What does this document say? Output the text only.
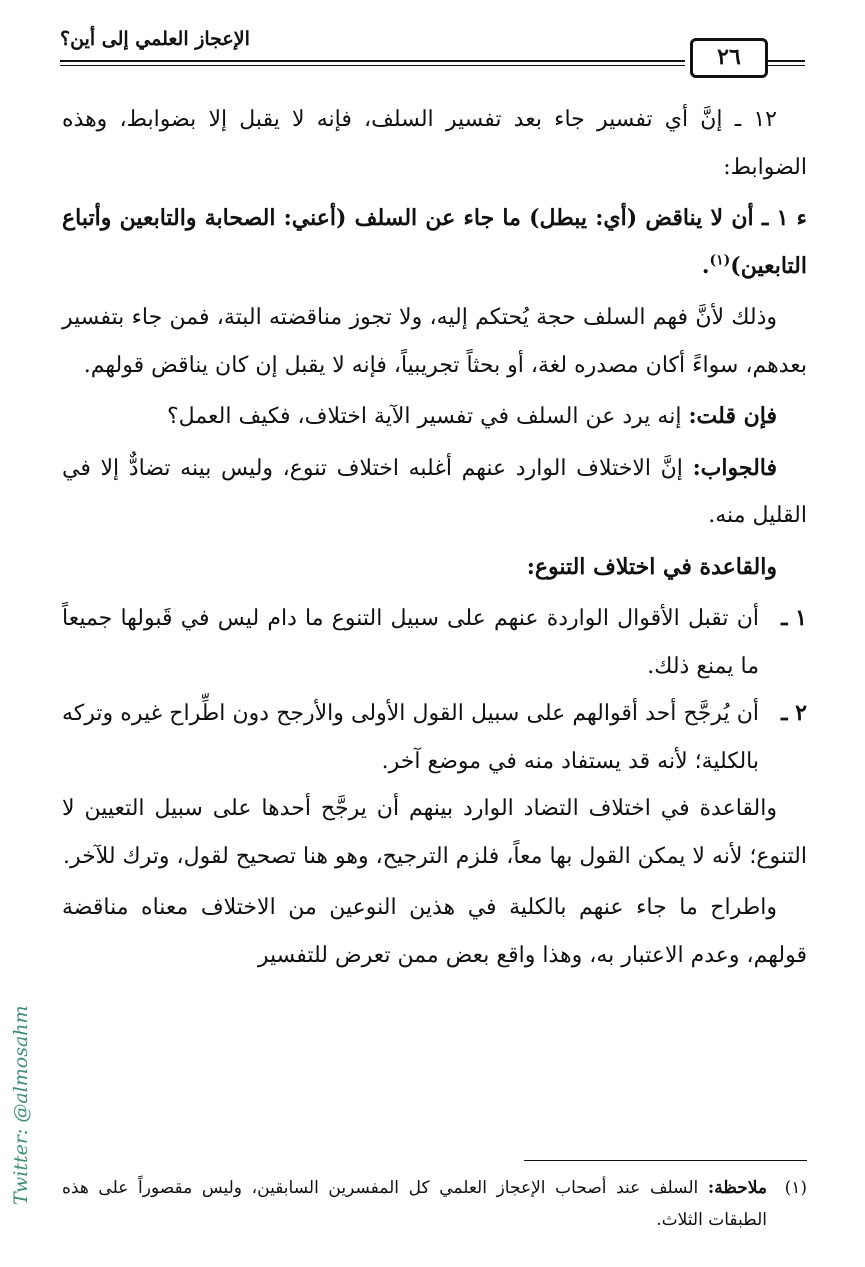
الإعجاز العلمي إلى أين؟
٢٦

١٢ ـ إنَّ أي تفسير جاء بعد تفسير السلف، فإنه لا يقبل إلا بضوابط، وهذه الضوابط:

ء ١ ـ أن لا يناقض (أي: يبطل) ما جاء عن السلف (أعني: الصحابة والتابعين وأتباع التابعين)$^{(١)}$.

وذلك لأنَّ فهم السلف حجة يُحتكم إليه، ولا تجوز مناقضته البتة، فمن جاء بتفسير بعدهم، سواءً أكان مصدره لغة، أو بحثاً تجريبياً، فإنه لا يقبل إن كان يناقض قولهم.

فإن قلت: إنه يرد عن السلف في تفسير الآية اختلاف، فكيف العمل؟

فالجواب: إنَّ الاختلاف الوارد عنهم أغلبه اختلاف تنوع، وليس بينه تضادٌّ إلا في القليل منه.

والقاعدة في اختلاف التنوع:

١ ـ
أن تقبل الأقوال الواردة عنهم على سبيل التنوع ما دام ليس في قَبولها جميعاً ما يمنع ذلك.
٢ ـ
أن يُرجَّح أحد أقوالهم على سبيل القول الأولى والأرجح دون اطِّراح غيره وتركه بالكلية؛ لأنه قد يستفاد منه في موضع آخر.

والقاعدة في اختلاف التضاد الوارد بينهم أن يرجَّح أحدها على سبيل التعيين لا التنوع؛ لأنه لا يمكن القول بها معاً، فلزم الترجيح، وهو هنا تصحيح لقول، وترك للآخر.

واطراح ما جاء عنهم بالكلية في هذين النوعين من الاختلاف معناه مناقضة قولهم، وعدم الاعتبار به، وهذا واقع بعض ممن تعرض للتفسير

(١)
ملاحظة: السلف عند أصحاب الإعجاز العلمي كل المفسرين السابقين، وليس مقصوراً على هذه الطبقات الثلاث.
Twitter: @almosahm
